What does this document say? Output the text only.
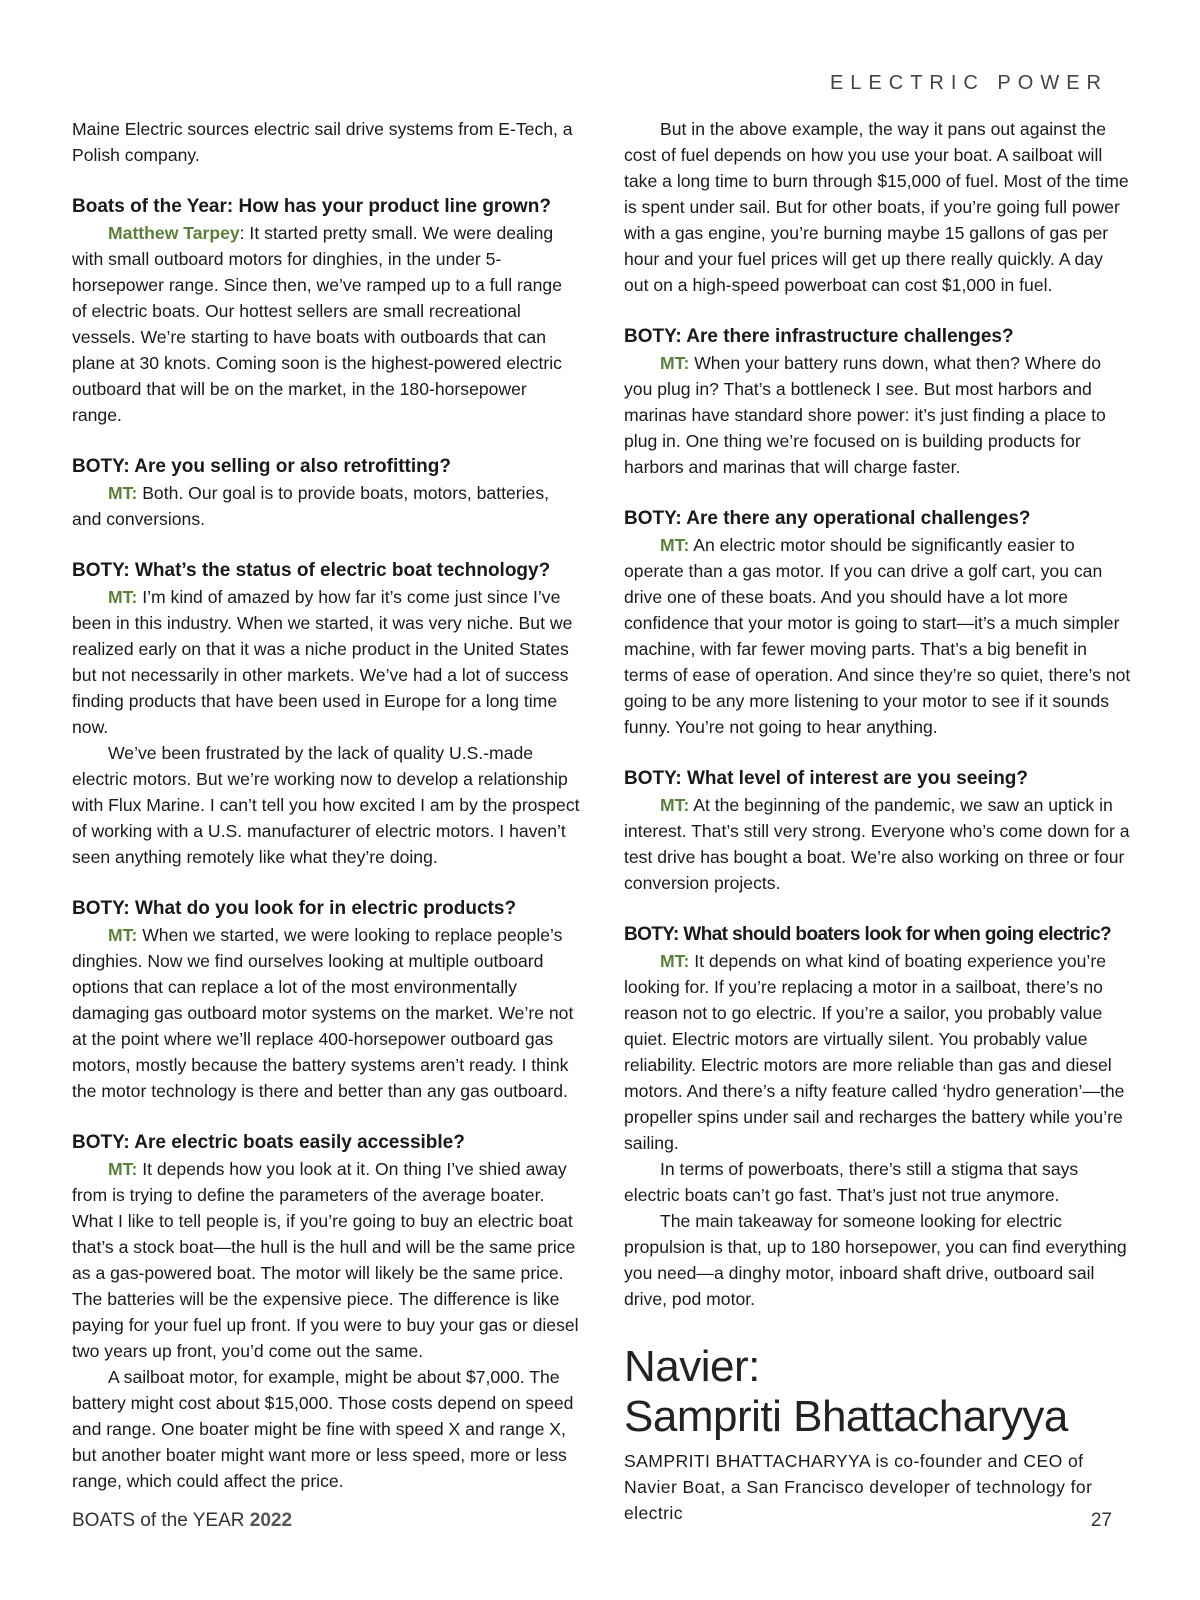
ELECTRIC POWER

Maine Electric sources electric sail drive systems from E-Tech, a Polish company.

Boats of the Year: How has your product line grown?

Matthew Tarpey: It started pretty small. We were dealing with small outboard motors for dinghies, in the under 5-horsepower range. Since then, we’ve ramped up to a full range of electric boats. Our hottest sellers are small recreational vessels. We’re starting to have boats with outboards that can plane at 30 knots. Coming soon is the highest-powered electric outboard that will be on the market, in the 180-horsepower range.

BOTY: Are you selling or also retrofitting?

MT: Both. Our goal is to provide boats, motors, batteries, and conversions.

BOTY: What’s the status of electric boat technology?

MT: I’m kind of amazed by how far it’s come just since I’ve been in this industry. When we started, it was very niche. But we realized early on that it was a niche product in the United States but not necessarily in other markets. We’ve had a lot of success finding products that have been used in Europe for a long time now.

We’ve been frustrated by the lack of quality U.S.-made electric motors. But we’re working now to develop a relationship with Flux Marine. I can’t tell you how excited I am by the prospect of working with a U.S. manufacturer of electric motors. I haven’t seen anything remotely like what they’re doing.

BOTY: What do you look for in electric products?

MT: When we started, we were looking to replace people’s dinghies. Now we find ourselves looking at multiple outboard options that can replace a lot of the most environmentally damaging gas outboard motor systems on the market. We’re not at the point where we’ll replace 400-horsepower outboard gas motors, mostly because the battery systems aren’t ready. I think the motor technology is there and better than any gas outboard.

BOTY: Are electric boats easily accessible?

MT: It depends how you look at it. On thing I’ve shied away from is trying to define the parameters of the average boater. What I like to tell people is, if you’re going to buy an electric boat that’s a stock boat—the hull is the hull and will be the same price as a gas-powered boat. The motor will likely be the same price. The batteries will be the expensive piece. The difference is like paying for your fuel up front. If you were to buy your gas or diesel two years up front, you’d come out the same.

A sailboat motor, for example, might be about $7,000. The battery might cost about $15,000. Those costs depend on speed and range. One boater might be fine with speed X and range X, but another boater might want more or less speed, more or less range, which could affect the price.

But in the above example, the way it pans out against the cost of fuel depends on how you use your boat. A sailboat will take a long time to burn through $15,000 of fuel. Most of the time is spent under sail. But for other boats, if you’re going full power with a gas engine, you’re burning maybe 15 gallons of gas per hour and your fuel prices will get up there really quickly. A day out on a high-speed powerboat can cost $1,000 in fuel.

BOTY: Are there infrastructure challenges?

MT: When your battery runs down, what then? Where do you plug in? That’s a bottleneck I see. But most harbors and marinas have standard shore power: it’s just finding a place to plug in. One thing we’re focused on is building products for harbors and marinas that will charge faster.

BOTY: Are there any operational challenges?

MT: An electric motor should be significantly easier to operate than a gas motor. If you can drive a golf cart, you can drive one of these boats. And you should have a lot more confidence that your motor is going to start—it’s a much simpler machine, with far fewer moving parts. That’s a big benefit in terms of ease of operation. And since they’re so quiet, there’s not going to be any more listening to your motor to see if it sounds funny. You’re not going to hear anything.

BOTY: What level of interest are you seeing?

MT: At the beginning of the pandemic, we saw an uptick in interest. That’s still very strong. Everyone who’s come down for a test drive has bought a boat. We’re also working on three or four conversion projects.

BOTY: What should boaters look for when going electric?

MT: It depends on what kind of boating experience you’re looking for. If you’re replacing a motor in a sailboat, there’s no reason not to go electric. If you’re a sailor, you probably value quiet. Electric motors are virtually silent. You probably value reliability. Electric motors are more reliable than gas and diesel motors. And there’s a nifty feature called ‘hydro generation’—the propeller spins under sail and recharges the battery while you’re sailing.

In terms of powerboats, there’s still a stigma that says electric boats can’t go fast. That’s just not true anymore.

The main takeaway for someone looking for electric propulsion is that, up to 180 horsepower, you can find everything you need—a dinghy motor, inboard shaft drive, outboard sail drive, pod motor.

Navier:
Sampriti Bhattacharyya

SAMPRITI BHATTACHARYYA is co-founder and CEO of Navier Boat, a San Francisco developer of technology for electric

BOATS of the YEAR 2022	27
